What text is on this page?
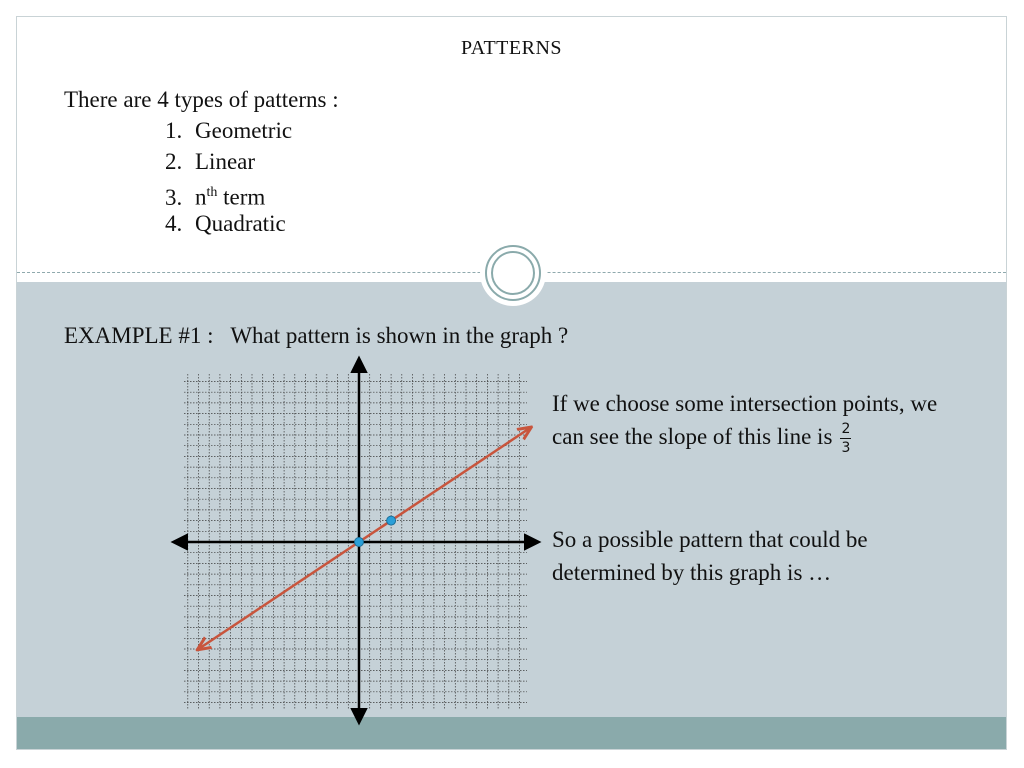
PATTERNS
There are 4 types of patterns :
1. Geometric
2. Linear
3. $n^{th}$ term
4. Quadratic
EXAMPLE #1 : What pattern is shown in the graph ?
If we choose some intersection points, we can see the slope of this line is $\frac{2}{3}$
So a possible pattern that could be determined by this graph is …
